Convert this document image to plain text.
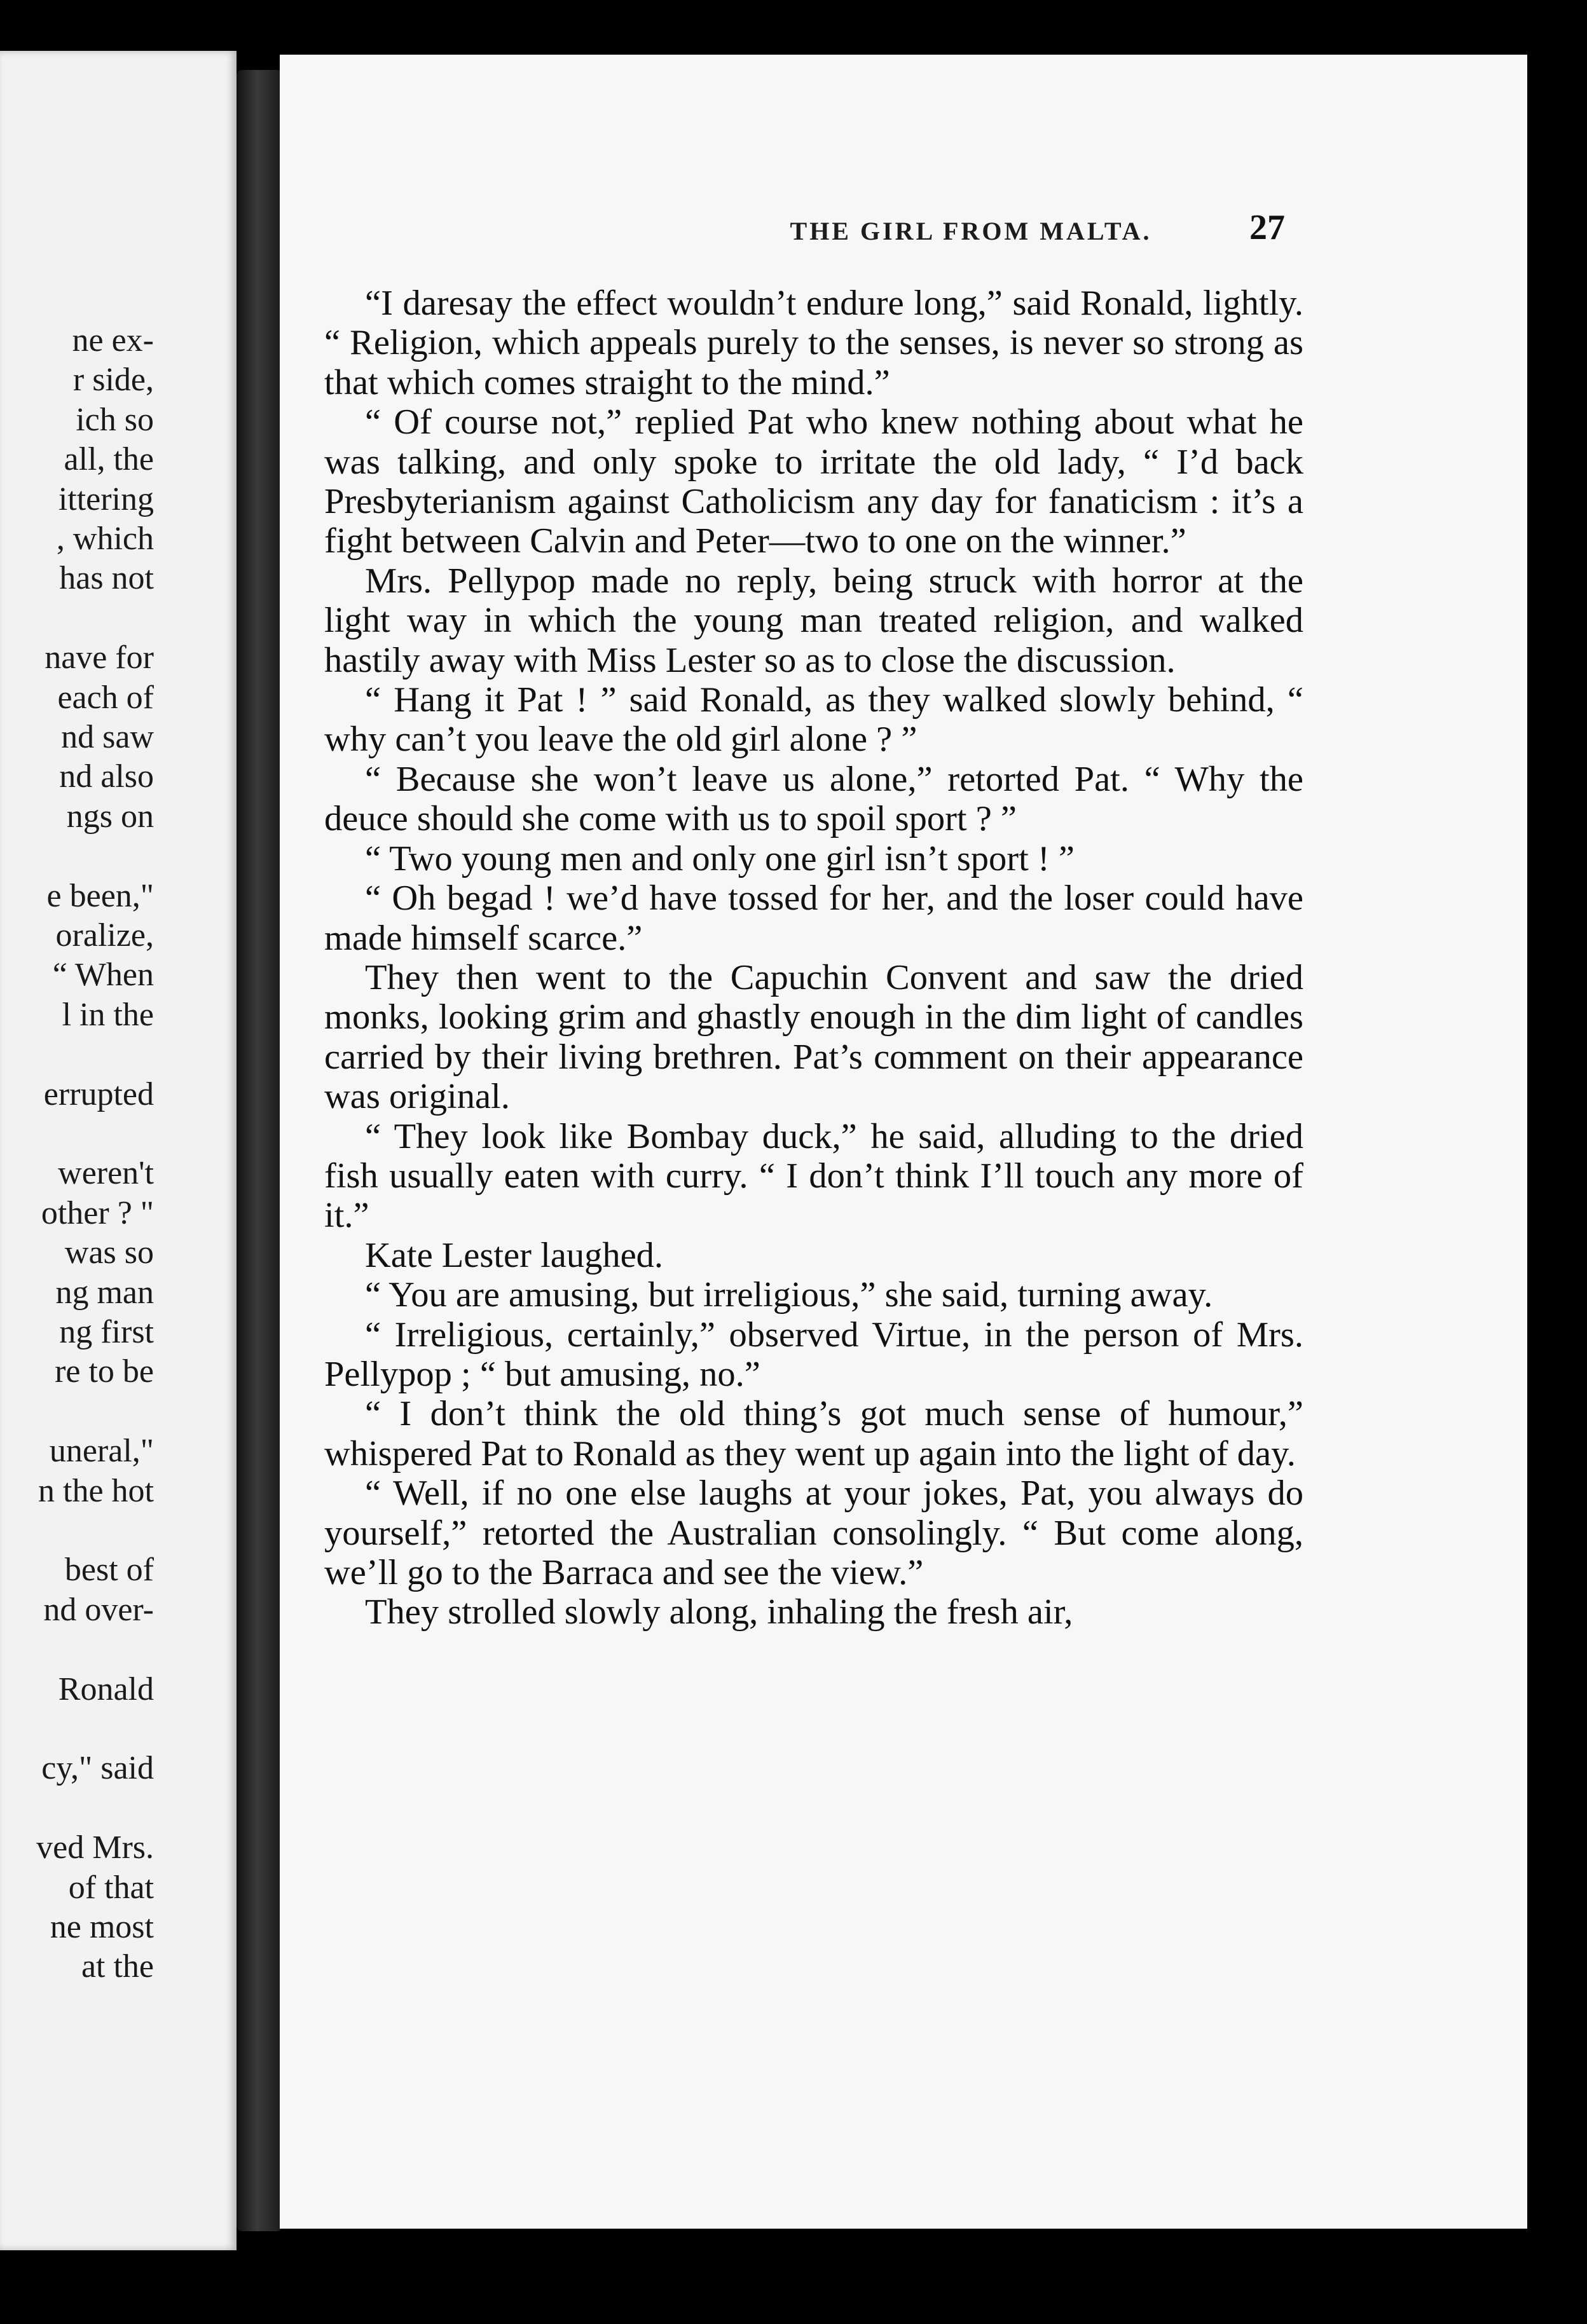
ne ex-
r side,
ich so
all, the
ittering
, which
has not
nave for
each of
nd saw
nd also
ngs on
e been,"
oralize,
“ When
l in the
errupted
weren't
other ? "
was so
ng man
ng first
re to be
uneral,"
n the hot
best of
nd over-
Ronald
cy," said
ved Mrs.
of that
ne most
at the
THE GIRL FROM MALTA.	27

“I daresay the effect wouldn’t endure long,” said Ronald, lightly. “ Religion, which appeals purely to the senses, is never so strong as that which comes straight to the mind.”

“ Of course not,” replied Pat who knew nothing about what he was talking, and only spoke to irritate the old lady, “ I’d back Presbyterianism against Catholicism any day for fanaticism : it’s a fight between Calvin and Peter—two to one on the winner.”

Mrs. Pellypop made no reply, being struck with horror at the light way in which the young man treated religion, and walked hastily away with Miss Lester so as to close the discussion.

“ Hang it Pat ! ” said Ronald, as they walked slowly behind, “ why can’t you leave the old girl alone ? ”

“ Because she won’t leave us alone,” retorted Pat. “ Why the deuce should she come with us to spoil sport ? ”

“ Two young men and only one girl isn’t sport ! ”

“ Oh begad ! we’d have tossed for her, and the loser could have made himself scarce.”

They then went to the Capuchin Convent and saw the dried monks, looking grim and ghastly enough in the dim light of candles carried by their living brethren. Pat’s comment on their appearance was original.

“ They look like Bombay duck,” he said, alluding to the dried fish usually eaten with curry. “ I don’t think I’ll touch any more of it.”

Kate Lester laughed.

“ You are amusing, but irreligious,” she said, turning away.

“ Irreligious, certainly,” observed Virtue, in the person of Mrs. Pellypop ; “ but amusing, no.”

“ I don’t think the old thing’s got much sense of humour,” whispered Pat to Ronald as they went up again into the light of day.

“ Well, if no one else laughs at your jokes, Pat, you always do yourself,” retorted the Australian consolingly. “ But come along, we’ll go to the Barraca and see the view.”

They strolled slowly along, inhaling the fresh air,
